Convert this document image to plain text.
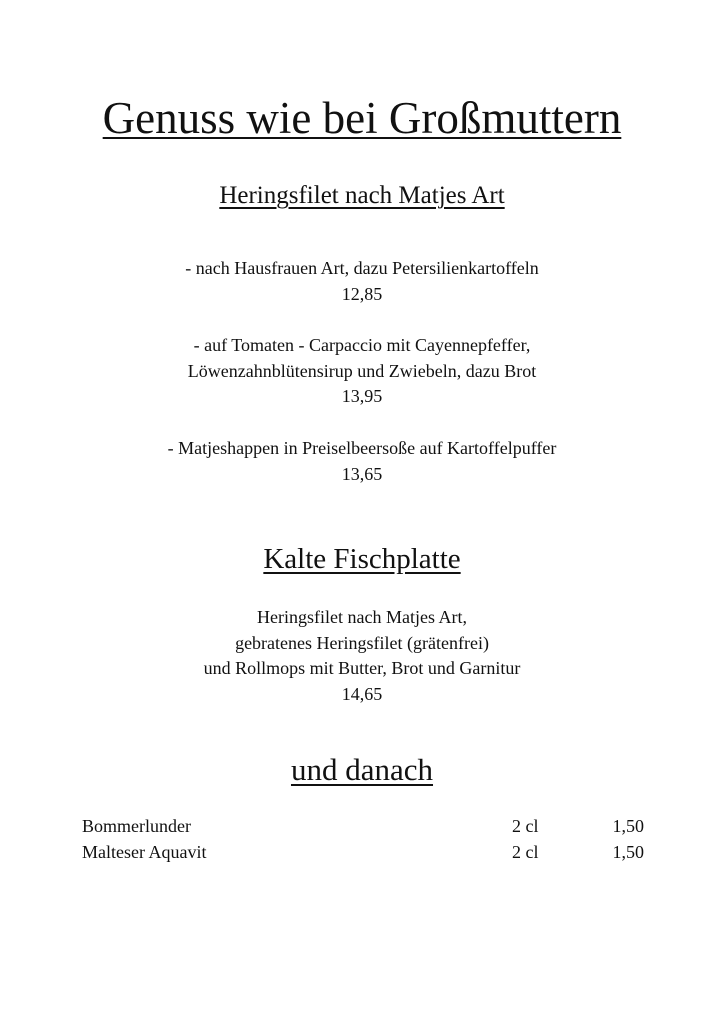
Genuss wie bei Großmuttern
Heringsfilet nach Matjes Art
- nach Hausfrauen Art, dazu Petersilienkartoffeln
12,85
- auf Tomaten - Carpaccio mit Cayennepfeffer,
Löwenzahnblütensirup und Zwiebeln, dazu Brot
13,95
- Matjeshappen in Preiselbeersoße auf Kartoffelpuffer
13,65
Kalte Fischplatte
Heringsfilet nach Matjes Art,
gebratenes Heringsfilet (grätenfrei)
und Rollmops mit Butter, Brot und Garnitur
14,65
und danach
Bommerlunder	2 cl	1,50
Malteser Aquavit	2 cl	1,50
